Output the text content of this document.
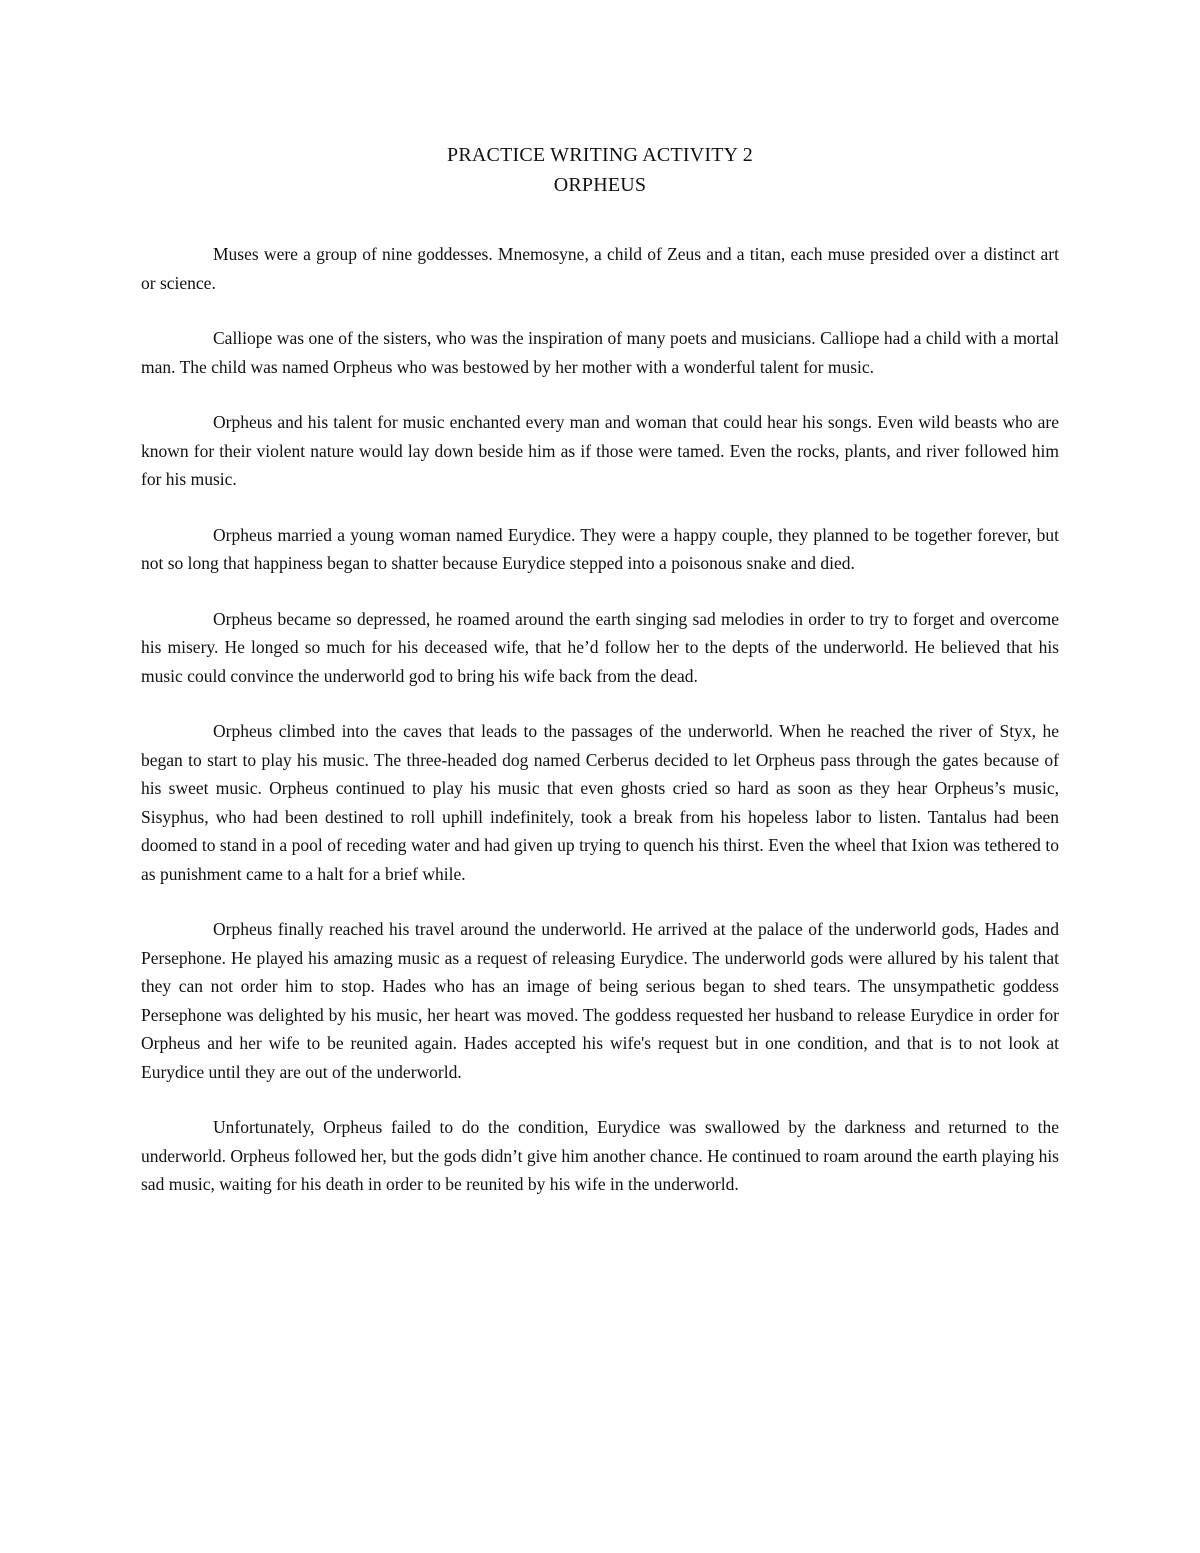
PRACTICE WRITING ACTIVITY 2
ORPHEUS

Muses were a group of nine goddesses. Mnemosyne, a child of Zeus and a titan, each muse presided over a distinct art or science.

Calliope was one of the sisters, who was the inspiration of many poets and musicians. Calliope had a child with a mortal man. The child was named Orpheus who was bestowed by her mother with a wonderful talent for music.

Orpheus and his talent for music enchanted every man and woman that could hear his songs. Even wild beasts who are known for their violent nature would lay down beside him as if those were tamed. Even the rocks, plants, and river followed him for his music.

Orpheus married a young woman named Eurydice. They were a happy couple, they planned to be together forever, but not so long that happiness began to shatter because Eurydice stepped into a poisonous snake and died.

Orpheus became so depressed, he roamed around the earth singing sad melodies in order to try to forget and overcome his misery. He longed so much for his deceased wife, that he’d follow her to the depts of the underworld. He believed that his music could convince the underworld god to bring his wife back from the dead.

Orpheus climbed into the caves that leads to the passages of the underworld. When he reached the river of Styx, he began to start to play his music. The three-headed dog named Cerberus decided to let Orpheus pass through the gates because of his sweet music. Orpheus continued to play his music that even ghosts cried so hard as soon as they hear Orpheus’s music, Sisyphus, who had been destined to roll uphill indefinitely, took a break from his hopeless labor to listen. Tantalus had been doomed to stand in a pool of receding water and had given up trying to quench his thirst. Even the wheel that Ixion was tethered to as punishment came to a halt for a brief while.

Orpheus finally reached his travel around the underworld. He arrived at the palace of the underworld gods, Hades and Persephone. He played his amazing music as a request of releasing Eurydice. The underworld gods were allured by his talent that they can not order him to stop. Hades who has an image of being serious began to shed tears. The unsympathetic goddess Persephone was delighted by his music, her heart was moved. The goddess requested her husband to release Eurydice in order for Orpheus and her wife to be reunited again. Hades accepted his wife's request but in one condition, and that is to not look at Eurydice until they are out of the underworld.

Unfortunately, Orpheus failed to do the condition, Eurydice was swallowed by the darkness and returned to the underworld. Orpheus followed her, but the gods didn’t give him another chance. He continued to roam around the earth playing his sad music, waiting for his death in order to be reunited by his wife in the underworld.
